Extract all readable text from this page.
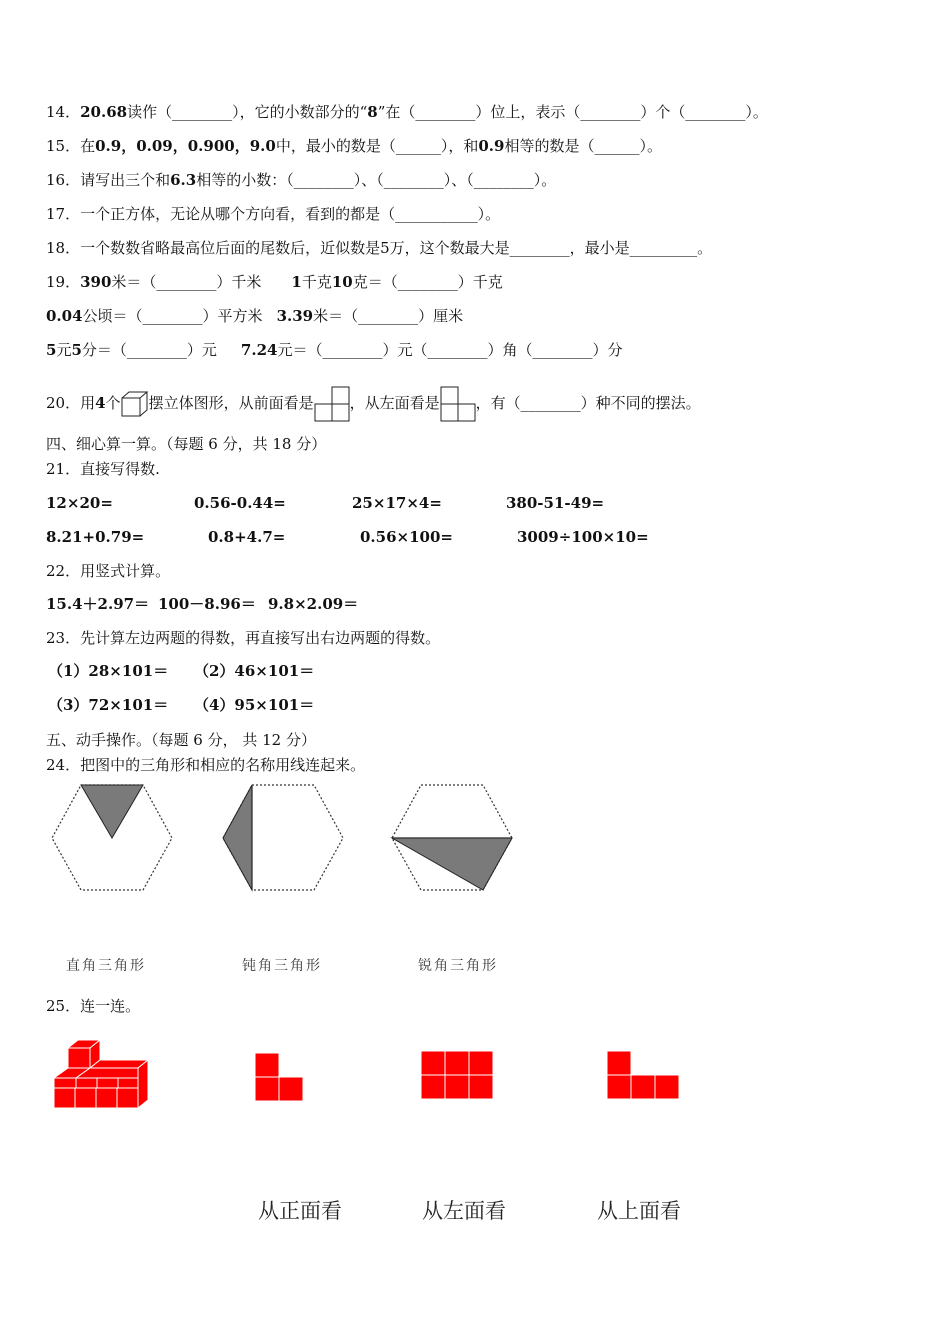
14．20.68读作（________），它的小数部分的“8”在（________）位上，表示（________）个（________）。
15．在0.9，0.09，0.900，9.0中，最小的数是（______），和0.9相等的数是（______）。
16．请写出三个和6.3相等的小数：（________）、（________）、（________）。
17．一个正方体，无论从哪个方向看，看到的都是（___________）。
18．一个数数省略最高位后面的尾数后，近似数是5万，这个数最大是________，最小是_________。
19．390米＝（________）千米 1千克10克＝（________）千克
0.04公顷＝（________）平方米 3.39米＝（________）厘米
5元5分＝（________）元 7.24元＝（________）元（________）角（________）分
20．用4个 摆立体图形，从前面看是 ，从左面看是 ，有（________）种不同的摆法。
四、细心算一算。（每题 6 分，共 18 分）
21．直接写得数.
12×20=	0.56-0.44=	25×17×4=	380-51-49=
8.21+0.79=	0.8+4.7=	0.56×100=	3009÷100×10=
22．用竖式计算。
15.4＋2.97＝ 100－8.96＝ 9.8×2.09＝
23．先计算左边两题的得数，再直接写出右边两题的得数。
（1）28×101＝ （2）46×101＝
（3）72×101＝ （4）95×101＝
五、动手操作。（每题 6 分， 共 12 分）
24．把图中的三角形和相应的名称用线连起来。
直角三角形	钝角三角形	锐角三角形
25．连一连。
从正面看	从左面看	从上面看
